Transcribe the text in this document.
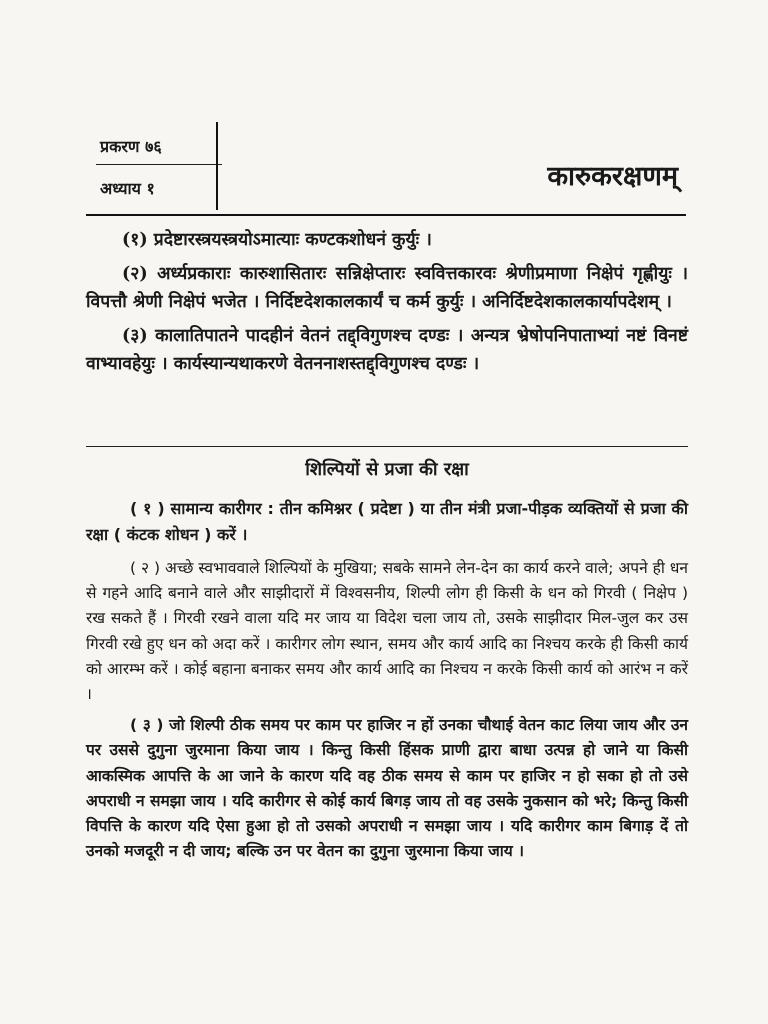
प्रकरण ७६
अध्याय १	कारुकरक्षणम्

(१) प्रदेष्टारस्त्रयस्त्रयोऽमात्याः कण्टकशोधनं कुर्युः ।

(२) अर्ध्यप्रकाराः कारुशासितारः सन्निक्षेप्तारः स्ववित्तकारवः श्रेणीप्रमाणा निक्षेपं गृह्णीयुः । विपत्तौ श्रेणी निक्षेपं भजेत । निर्दिष्टदेशकालकार्यं च कर्म कुर्युः । अनिर्दिष्टदेशकालकार्यापदेशम् ।

(३) कालातिपातने पादहीनं वेतनं तद्द्विगुणश्च दण्डः । अन्यत्र भ्रेषोपनिपाताभ्यां नष्टं विनष्टं वाभ्यावहेयुः । कार्यस्यान्यथाकरणे वेतननाशस्तद्द्विगुणश्च दण्डः ।

शिल्पियों से प्रजा की रक्षा

( १ ) सामान्य कारीगर : तीन कमिश्नर ( प्रदेष्टा ) या तीन मंत्री प्रजा-पीड़क व्यक्तियों से प्रजा की रक्षा ( कंटक शोधन ) करें ।

( २ ) अच्छे स्वभाववाले शिल्पियों के मुखिया; सबके सामने लेन-देन का कार्य करने वाले; अपने ही धन से गहने आदि बनाने वाले और साझीदारों में विश्वसनीय, शिल्पी लोग ही किसी के धन को गिरवी ( निक्षेप ) रख सकते हैं । गिरवी रखने वाला यदि मर जाय या विदेश चला जाय तो, उसके साझीदार मिल-जुल कर उस गिरवी रखे हुए धन को अदा करें । कारीगर लोग स्थान, समय और कार्य आदि का निश्चय करके ही किसी कार्य को आरम्भ करें । कोई बहाना बनाकर समय और कार्य आदि का निश्चय न करके किसी कार्य को आरंभ न करें ।

( ३ ) जो शिल्पी ठीक समय पर काम पर हाजिर न हों उनका चौथाई वेतन काट लिया जाय और उन पर उससे दुगुना जुरमाना किया जाय । किन्तु किसी हिंसक प्राणी द्वारा बाधा उत्पन्न हो जाने या किसी आकस्मिक आपत्ति के आ जाने के कारण यदि वह ठीक समय से काम पर हाजिर न हो सका हो तो उसे अपराधी न समझा जाय । यदि कारीगर से कोई कार्य बिगड़ जाय तो वह उसके नुकसान को भरे; किन्तु किसी विपत्ति के कारण यदि ऐसा हुआ हो तो उसको अपराधी न समझा जाय । यदि कारीगर काम बिगाड़ दें तो उनको मजदूरी न दी जाय; बल्कि उन पर वेतन का दुगुना जुरमाना किया जाय ।
